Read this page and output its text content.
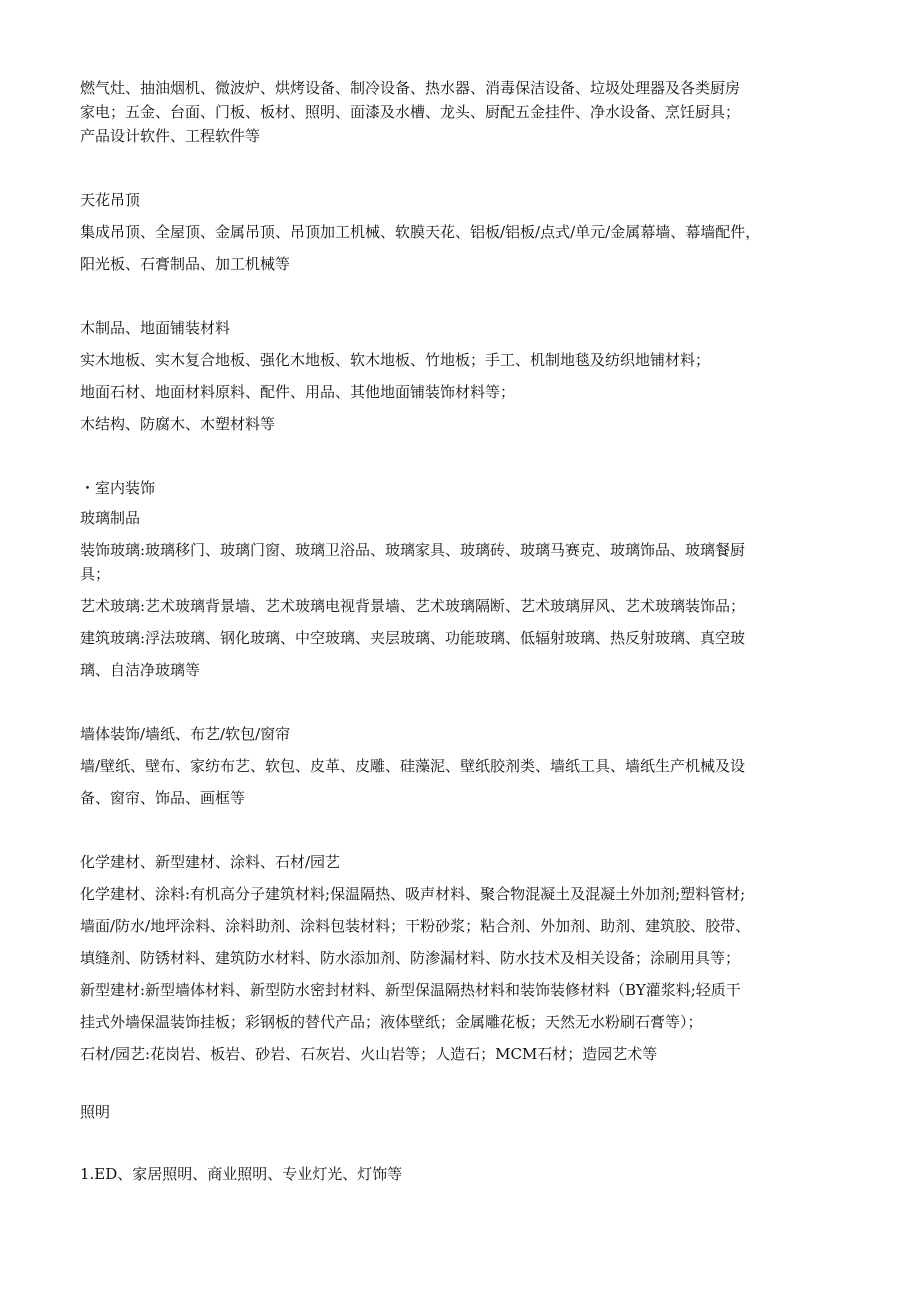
燃气灶、抽油烟机、微波炉、烘烤设备、制冷设备、热水器、消毒保洁设备、垃圾处理器及各类厨房
家电；五金、台面、门板、板材、照明、面漆及水槽、龙头、厨配五金挂件、净水设备、烹饪厨具；
产品设计软件、工程软件等
天花吊顶
集成吊顶、全屋顶、金属吊顶、吊顶加工机械、软膜天花、铝板/铝板/点式/单元/金属幕墙、幕墙配件，
阳光板、石膏制品、加工机械等
木制品、地面铺装材料
实木地板、实木复合地板、强化木地板、软木地板、竹地板；手工、机制地毯及纺织地铺材料；
地面石材、地面材料原料、配件、用品、其他地面铺装饰材料等；
木结构、防腐木、木塑材料等
・室内装饰
玻璃制品
装饰玻璃:玻璃移门、玻璃门窗、玻璃卫浴品、玻璃家具、玻璃砖、玻璃马赛克、玻璃饰品、玻璃餐厨
具；
艺术玻璃:艺术玻璃背景墙、艺术玻璃电视背景墙、艺术玻璃隔断、艺术玻璃屏风、艺术玻璃装饰品；
建筑玻璃:浮法玻璃、钢化玻璃、中空玻璃、夹层玻璃、功能玻璃、低辐射玻璃、热反射玻璃、真空玻
璃、自洁净玻璃等
墙体装饰/墙纸、布艺/软包/窗帘
墙/壁纸、壁布、家纺布艺、软包、皮革、皮雕、硅藻泥、壁纸胶剂类、墙纸工具、墙纸生产机械及设
备、窗帘、饰品、画框等
化学建材、新型建材、涂料、石材/园艺
化学建材、涂料:有机高分子建筑材料;保温隔热、吸声材料、聚合物混凝土及混凝土外加剂;塑料管材;
墙面/防水/地坪涂料、涂料助剂、涂料包装材料；干粉砂浆；粘合剂、外加剂、助剂、建筑胶、胶带、
填缝剂、防锈材料、建筑防水材料、防水添加剂、防渗漏材料、防水技术及相关设备；涂刷用具等；
新型建材:新型墙体材料、新型防水密封材料、新型保温隔热材料和装饰装修材料（BY灌浆料;轻质干
挂式外墙保温装饰挂板；彩钢板的替代产品；液体壁纸；金属雕花板；天然无水粉刷石膏等）；
石材/园艺:花岗岩、板岩、砂岩、石灰岩、火山岩等；人造石；MCM石材；造园艺术等
照明
1.ED、家居照明、商业照明、专业灯光、灯饰等
